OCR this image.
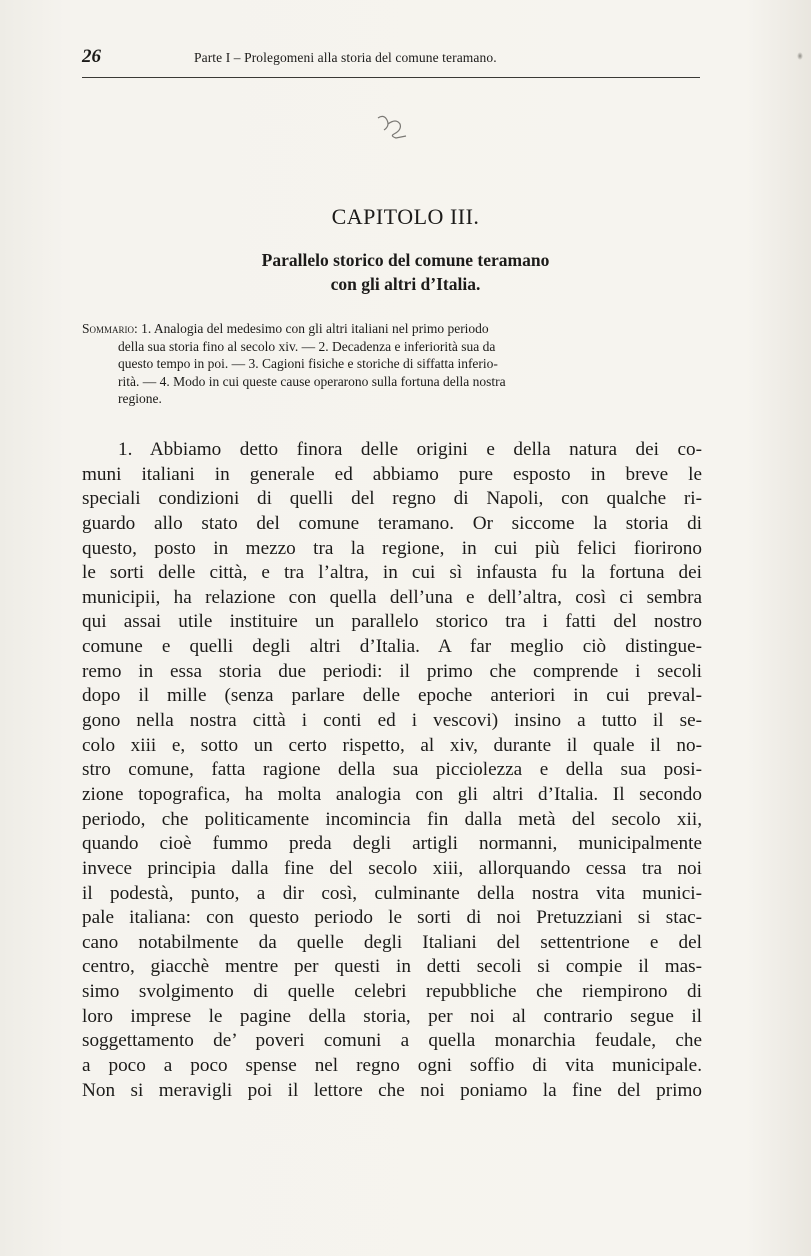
26	Parte I – Prolegomeni alla storia del comune teramano.
CAPITOLO III.
Parallelo storico del comune teramano
con gli altri d’Italia.
Sommario: 1. Analogia del medesimo con gli altri italiani nel primo periodo
della sua storia fino al secolo xiv. — 2. Decadenza e inferiorità sua da
questo tempo in poi. — 3. Cagioni fisiche e storiche di siffatta inferio-
rità. — 4. Modo in cui queste cause operarono sulla fortuna della nostra
regione.
1. Abbiamo detto finora delle origini e della natura dei co-
muni italiani in generale ed abbiamo pure esposto in breve le
speciali condizioni di quelli del regno di Napoli, con qualche ri-
guardo allo stato del comune teramano. Or siccome la storia di
questo, posto in mezzo tra la regione, in cui più felici fiorirono
le sorti delle città, e tra l’altra, in cui sì infausta fu la fortuna dei
municipii, ha relazione con quella dell’una e dell’altra, così ci sembra
qui assai utile instituire un parallelo storico tra i fatti del nostro
comune e quelli degli altri d’Italia. A far meglio ciò distingue-
remo in essa storia due periodi: il primo che comprende i secoli
dopo il mille (senza parlare delle epoche anteriori in cui preval-
gono nella nostra città i conti ed i vescovi) insino a tutto il se-
colo xiii e, sotto un certo rispetto, al xiv, durante il quale il no-
stro comune, fatta ragione della sua picciolezza e della sua posi-
zione topografica, ha molta analogia con gli altri d’Italia. Il secondo
periodo, che politicamente incomincia fin dalla metà del secolo xii,
quando cioè fummo preda degli artigli normanni, municipalmente
invece principia dalla fine del secolo xiii, allorquando cessa tra noi
il podestà, punto, a dir così, culminante della nostra vita munici-
pale italiana: con questo periodo le sorti di noi Pretuzziani si stac-
cano notabilmente da quelle degli Italiani del settentrione e del
centro, giacchè mentre per questi in detti secoli si compie il mas-
simo svolgimento di quelle celebri repubbliche che riempirono di
loro imprese le pagine della storia, per noi al contrario segue il
soggettamento de’ poveri comuni a quella monarchia feudale, che
a poco a poco spense nel regno ogni soffio di vita municipale.
Non si meravigli poi il lettore che noi poniamo la fine del primo
